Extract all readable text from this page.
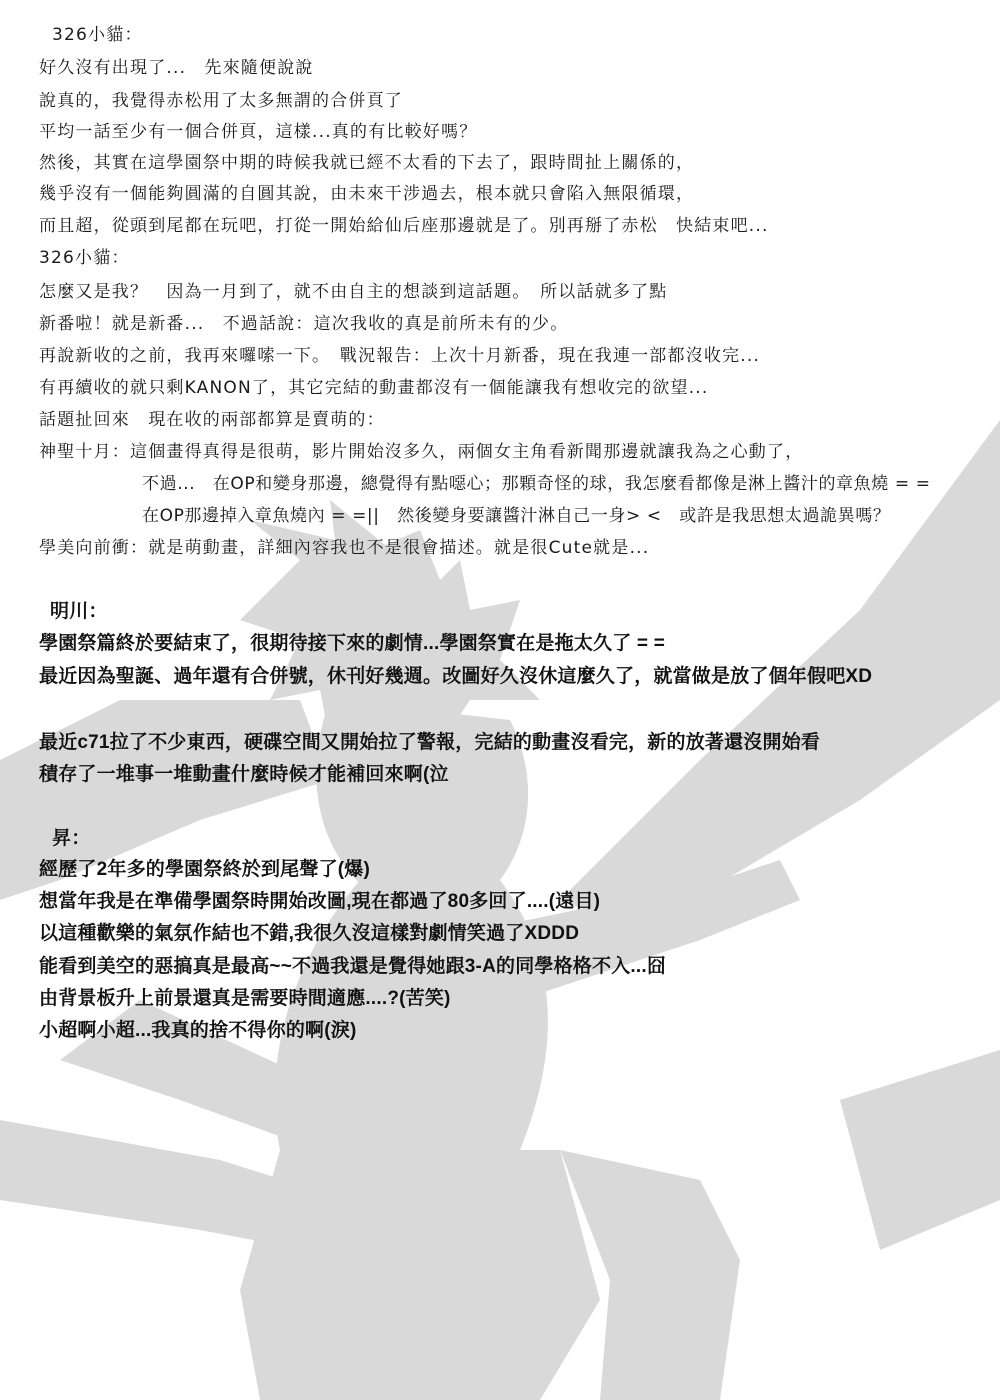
326小貓：
好久沒有出現了...　先來隨便說說
說真的，我覺得赤松用了太多無謂的合併頁了
平均一話至少有一個合併頁，這樣...真的有比較好嗎？
然後，其實在這學園祭中期的時候我就已經不太看的下去了，跟時間扯上關係的，
幾乎沒有一個能夠圓滿的自圓其說，由未來干涉過去，根本就只會陷入無限循環，
而且超，從頭到尾都在玩吧，打從一開始給仙后座那邊就是了。別再掰了赤松　快結束吧...
326小貓：
怎麼又是我？　因為一月到了，就不由自主的想談到這話題。　所以話就多了點
新番啦！就是新番...　不過話說：這次我收的真是前所未有的少。
再說新收的之前，我再來囉嗦一下。　戰況報告：上次十月新番，現在我連一部都沒收完...
有再續收的就只剩KANON了，其它完結的動畫都沒有一個能讓我有想收完的欲望...
話題扯回來　現在收的兩部都算是賣萌的：
神聖十月：這個畫得真得是很萌，影片開始沒多久，兩個女主角看新聞那邊就讓我為之心動了，
不過...　在OP和變身那邊，總覺得有點噁心；那顆奇怪的球，我怎麼看都像是淋上醬汁的章魚燒 = =
在OP那邊掉入章魚燒內 = =||　然後變身要讓醬汁淋自己一身> <　或許是我思想太過詭異嗎？
學美向前衝：就是萌動畫，詳細內容我也不是很會描述。就是很Cute就是...
明川：
學園祭篇終於要結束了，很期待接下來的劇情...學園祭實在是拖太久了 = =
最近因為聖誕、過年還有合併號，休刊好幾週。改圖好久沒休這麼久了，就當做是放了個年假吧XD
最近c71拉了不少東西，硬碟空間又開始拉了警報，完結的動畫沒看完，新的放著還沒開始看
積存了一堆事一堆動畫什麼時候才能補回來啊(泣
昇：
經歷了2年多的學園祭終於到尾聲了(爆)
想當年我是在準備學園祭時開始改圖,現在都過了80多回了....(遠目)
以這種歡樂的氣氛作結也不錯,我很久沒這樣對劇情笑過了XDDD
能看到美空的惡搞真是最高~~不過我還是覺得她跟3-A的同學格格不入...囧
由背景板升上前景還真是需要時間適應....?(苦笑)
小超啊小超...我真的捨不得你的啊(淚)
